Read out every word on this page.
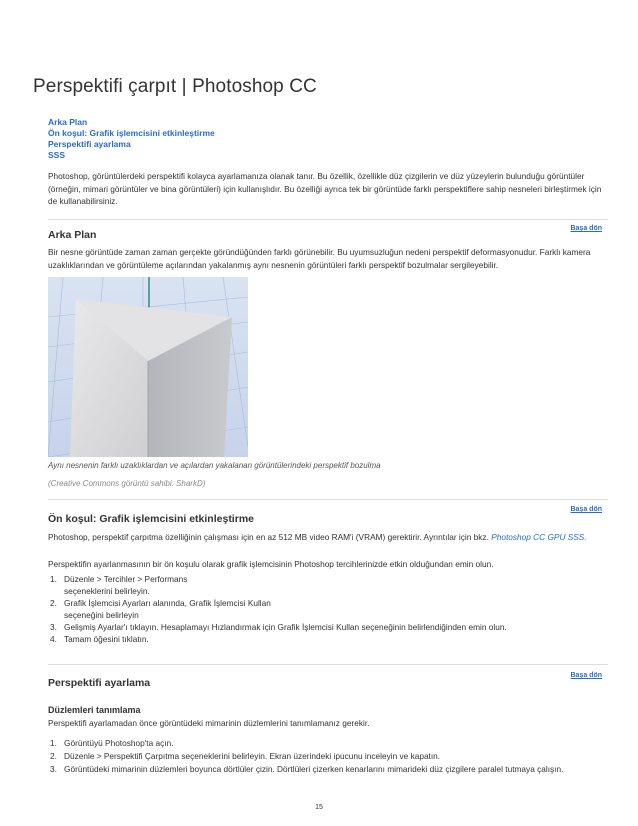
Perspektifi çarpıt | Photoshop CC
Arka Plan
Ön koşul: Grafik işlemcisini etkinleştirme
Perspektifi ayarlama
SSS

Photoshop, görüntülerdeki perspektifi kolayca ayarlamanıza olanak tanır. Bu özellik, özellikle düz çizgilerin ve düz yüzeylerin bulunduğu görüntüler (örneğin, mimari görüntüler ve bina görüntüleri) için kullanışlıdır. Bu özelliği ayrıca tek bir görüntüde farklı perspektiflere sahip nesneleri birleştirmek için de kullanabilirsiniz.

Başa dön
Arka Plan

Bir nesne görüntüde zaman zaman gerçekte göründüğünden farklı görünebilir. Bu uyumsuzluğun nedeni perspektif deformasyonudur. Farklı kamera uzaklıklarından ve görüntüleme açılarından yakalanmış aynı nesnenin görüntüleri farklı perspektif bozulmalar sergileyebilir.

Aynı nesnenin farklı uzaklıklardan ve açılardan yakalanan görüntülerindeki perspektif bozulma
(Creative Commons görüntü sahibi: SharkD)
Başa dön
Ön koşul: Grafik işlemcisini etkinleştirme

Photoshop, perspektif çarpıtma özelliğinin çalışması için en az 512 MB video RAM'i (VRAM) gerektirir. Ayrıntılar için bkz. Photoshop CC GPU SSS.

Perspektifin ayarlanmasının bir ön koşulu olarak grafik işlemcisinin Photoshop tercihlerinizde etkin olduğundan emin olun.

1. Düzenle > Tercihler > Performans
seçeneklerini belirleyin.
2. Grafik İşlemcisi Ayarları alanında, Grafik İşlemcisi Kullan
seçeneğini belirleyin
3. Gelişmiş Ayarlar'ı tıklayın. Hesaplamayı Hızlandırmak için Grafik İşlemcisi Kullan seçeneğinin belirlendiğinden emin olun.
4. Tamam öğesini tıklatın.
Başa dön
Perspektifi ayarlama
Düzlemleri tanımlama

Perspektifi ayarlamadan önce görüntüdeki mimarinin düzlemlerini tanımlamanız gerekir.

1. Görüntüyü Photoshop'ta açın.
2. Düzenle > Perspektifi Çarpıtma seçeneklerini belirleyin. Ekran üzerindeki ipucunu inceleyin ve kapatın.
3. Görüntüdeki mimarinin düzlemleri boyunca dörtlüler çizin. Dörtlüleri çizerken kenarlarını mimarideki düz çizgilere paralel tutmaya çalışın.
15
